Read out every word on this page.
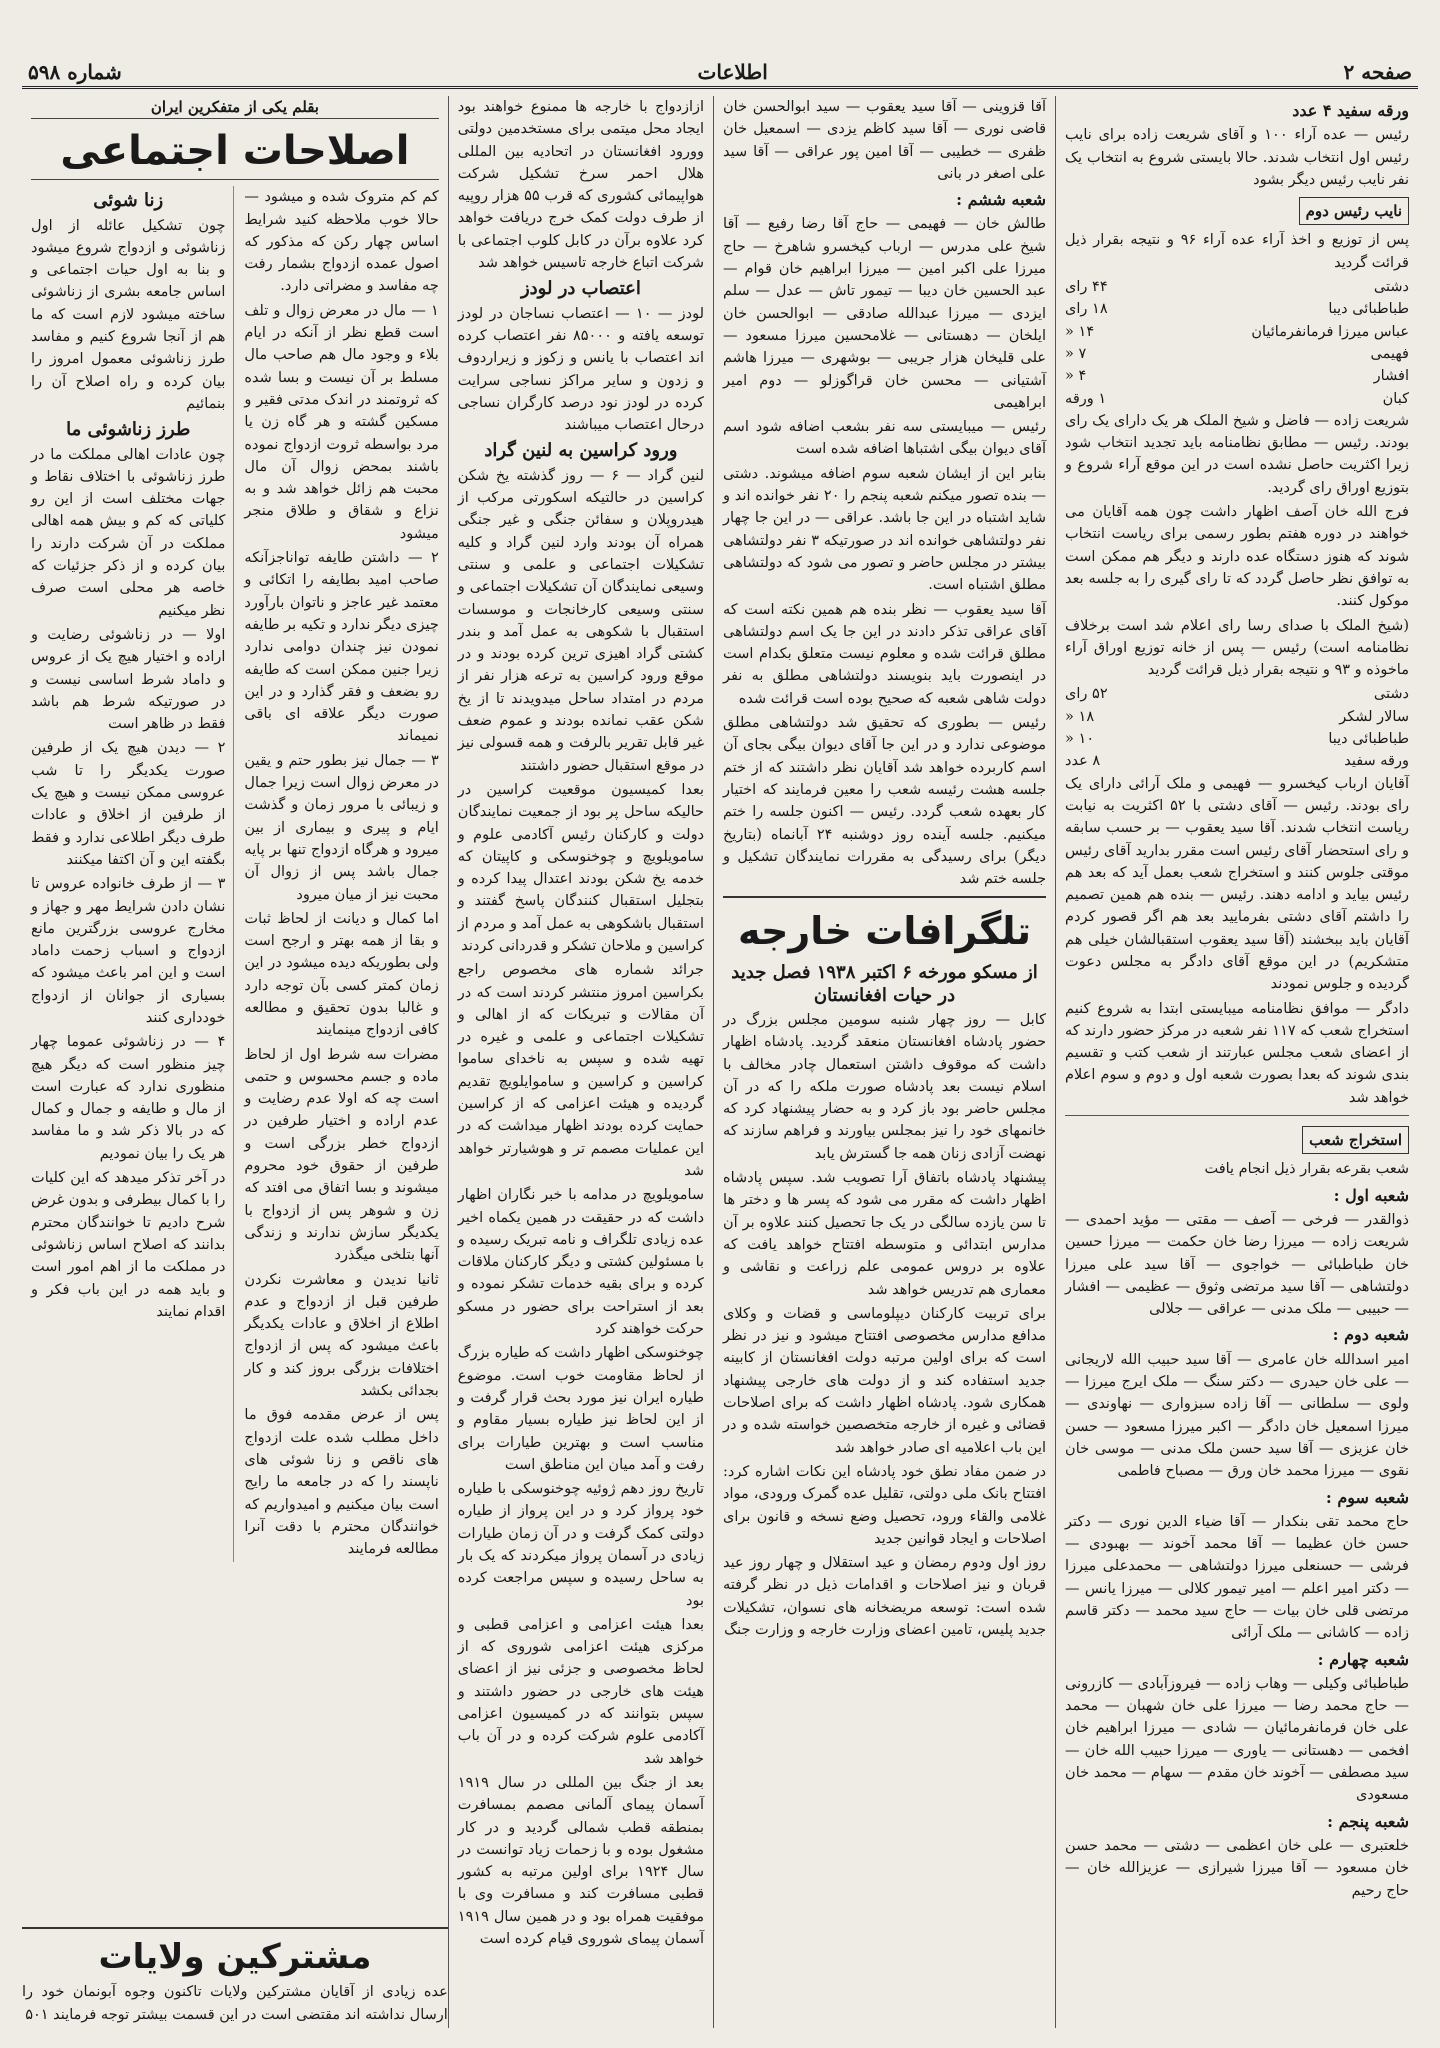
صفحه ۲
اطلاعات
شماره ۵۹۸
ورقه سفید ۴ عدد

رئیس — عده آراء ۱۰۰ و آقای شریعت زاده برای نایب رئیس اول انتخاب شدند. حالا بایستی شروع به انتخاب یک نفر نایب رئیس دیگر بشود

نایب رئیس دوم

پس از توزیع و اخذ آراء عده آراء ۹۶ و نتیجه بقرار ذیل قرائت گردید

دشتی
۴۴ رای
طباطبائی دیبا
۱۸ رای
عباس میرزا فرمانفرمائیان
۱۴ «
فهیمی
۷ «
افشار
۴ «
کبان
۱ ورقه

شریعت زاده — فاضل و شیخ الملک هر یک دارای یک رای بودند. رئیس — مطابق نظامنامه باید تجدید انتخاب شود زیرا اکثریت حاصل نشده است در این موقع آراء شروع و بتوزیع اوراق رای گردید.

فرج الله خان آصف اظهار داشت چون همه آقایان می خواهند در دوره هفتم بطور رسمی برای ریاست انتخاب شوند که هنوز دستگاه عده دارند و دیگر هم ممکن است به توافق نظر حاصل گردد که تا رای گیری را به جلسه بعد موکول کنند.

(شیخ الملک با صدای رسا رای اعلام شد است برخلاف نظامنامه است) رئیس — پس از خانه توزیع اوراق آراء ماخوذه و ۹۳ و نتیجه بقرار ذیل قرائت گردید

دشتی
۵۲ رای
سالار لشکر
۱۸ «
طباطبائی دیبا
۱۰ «
ورقه سفید
۸ عدد

آقایان ارباب کیخسرو — فهیمی و ملک آرائی دارای یک رای بودند. رئیس — آقای دشتی با ۵۲ اکثریت به نیابت ریاست انتخاب شدند. آقا سید یعقوب — بر حسب سابقه و رای استحضار آقای رئیس است مقرر بدارید آقای رئیس موقتی جلوس کنند و استخراج شعب بعمل آید که بعد هم رئیس بیاید و ادامه دهند. رئیس — بنده هم همین تصمیم را داشتم آقای دشتی بفرمایید بعد هم اگر قصور کردم آقایان باید ببخشند (آقا سید یعقوب استقبالشان خیلی هم متشکریم) در این موقع آقای دادگر به مجلس دعوت گردیده و جلوس نمودند

دادگر — موافق نظامنامه میبایستی ابتدا به شروع کنیم استخراج شعب که ۱۱۷ نفر شعبه در مرکز حضور دارند که از اعضای شعب مجلس عبارتند از شعب کتب و تقسیم بندی شوند که بعدا بصورت شعبه اول و دوم و سوم اعلام خواهد شد

استخراج شعب

شعب بقرعه بقرار ذیل انجام یافت

شعبه اول :

ذوالقدر — فرخی — آصف — مقتی — مؤید احمدی — شریعت زاده — میرزا رضا خان حکمت — میرزا حسین خان طباطبائی — خواجوی — آقا سید علی میرزا دولتشاهی — آقا سید مرتضی وثوق — عظیمی — افشار — حبیبی — ملک مدنی — عراقی — جلالی

شعبه دوم :

امیر اسدالله خان عامری — آقا سید حبیب الله لاریجانی — علی خان حیدری — دکتر سنگ — ملک ایرج میرزا — ولوی — سلطانی — آقا زاده سبزواری — نهاوندی — میرزا اسمعیل خان دادگر — اکبر میرزا مسعود — حسن خان عزیزی — آقا سید حسن ملک مدنی — موسی خان نقوی — میرزا محمد خان ورق — مصباح فاطمی

شعبه سوم :

حاج محمد تقی بنکدار — آقا ضیاء الدین نوری — دکتر حسن خان عظیما — آقا محمد آخوند — بهبودی — فرشی — حسنعلی میرزا دولتشاهی — محمدعلی میرزا — دکتر امیر اعلم — امیر تیمور کلالی — میرزا یانس — مرتضی قلی خان بیات — حاج سید محمد — دکتر قاسم زاده — کاشانی — ملک آرائی

شعبه چهارم :

طباطبائی وکیلی — وهاب زاده — فیروزآبادی — کازرونی — حاج محمد رضا — میرزا علی خان شهبان — محمد علی خان فرمانفرمائیان — شادی — میرزا ابراهیم خان افخمی — دهستانی — یاوری — میرزا حبیب الله خان — سید مصطفی — آخوند خان مقدم — سهام — محمد خان مسعودی

شعبه پنجم :

خلعتبری — علی خان اعظمی — دشتی — محمد حسن خان مسعود — آقا میرزا شیرازی — عزیزالله خان — حاج رحیم

آقا قزوینی — آقا سید یعقوب — سید ابوالحسن خان قاضی نوری — آقا سید کاظم یزدی — اسمعیل خان ظفری — خطیبی — آقا امین پور عراقی — آقا سید علی اصغر در بانی

شعبه ششم :

طالش خان — فهیمی — حاج آقا رضا رفیع — آقا شیخ علی مدرس — ارباب کیخسرو شاهرخ — حاج میرزا علی اکبر امین — میرزا ابراهیم خان قوام — عبد الحسین خان دیبا — تیمور تاش — عدل — سلم ایزدی — میرزا عبدالله صادقی — ابوالحسن خان ایلخان — دهستانی — غلامحسین میرزا مسعود — علی قلیخان هزار جریبی — بوشهری — میرزا هاشم آشتیانی — محسن خان قراگوزلو — دوم امیر ابراهیمی

رئیس — میبایستی سه نفر بشعب اضافه شود اسم آقای دیوان بیگی اشتباها اضافه شده است

بنابر این از ایشان شعبه سوم اضافه میشوند. دشتی — بنده تصور میکنم شعبه پنجم را ۲۰ نفر خوانده اند و شاید اشتباه در این جا باشد. عراقی — در این جا چهار نفر دولتشاهی خوانده اند در صورتیکه ۳ نفر دولتشاهی بیشتر در مجلس حاضر و تصور می شود که دولتشاهی مطلق اشتباه است.

آقا سید یعقوب — نظر بنده هم همین نکته است که آقای عراقی تذکر دادند در این جا یک اسم دولتشاهی مطلق قرائت شده و معلوم نیست متعلق بکدام است در اینصورت باید بنویسند دولتشاهی مطلق به نفر دولت شاهی شعبه که صحیح بوده است قرائت شده

رئیس — بطوری که تحقیق شد دولتشاهی مطلق موضوعی ندارد و در این جا آقای دیوان بیگی بجای آن اسم کاربرده خواهد شد آقایان نظر داشتند که از ختم جلسه هشت رئیسه شعب را معین فرمایند که اختیار کار بعهده شعب گردد. رئیس — اکنون جلسه را ختم میکنیم. جلسه آینده روز دوشنبه ۲۴ آبانماه (بتاریخ دیگر) برای رسیدگی به مقررات نمایندگان تشکیل و جلسه ختم شد

تلگرافات خارجه
از مسکو مورخه ۶ اکتبر ۱۹۳۸ فصل جدید در حیات افغانستان

کابل — روز چهار شنبه سومین مجلس بزرگ در حضور پادشاه افغانستان منعقد گردید. پادشاه اظهار داشت که موقوف داشتن استعمال چادر مخالف با اسلام نیست بعد پادشاه صورت ملکه را که در آن مجلس حاضر بود باز کرد و به حضار پیشنهاد کرد که خانمهای خود را نیز بمجلس بیاورند و فراهم سازند که نهضت آزادی زنان همه جا گسترش یابد

پیشنهاد پادشاه باتفاق آرا تصویب شد. سپس پادشاه اظهار داشت که مقرر می شود که پسر ها و دختر ها تا سن یازده سالگی در یک جا تحصیل کنند علاوه بر آن مدارس ابتدائی و متوسطه افتتاح خواهد یافت که علاوه بر دروس عمومی علم زراعت و نقاشی و معماری هم تدریس خواهد شد

برای تربیت کارکنان دیپلوماسی و قضات و وکلای مدافع مدارس مخصوصی افتتاح میشود و نیز در نظر است که برای اولین مرتبه دولت افغانستان از کابینه جدید استفاده کند و از دولت های خارجی پیشنهاد همکاری شود. پادشاه اظهار داشت که برای اصلاحات قضائی و غیره از خارجه متخصصین خواسته شده و در این باب اعلامیه ای صادر خواهد شد

در ضمن مفاد نطق خود پادشاه این نکات اشاره کرد: افتتاح بانک ملی دولتی، تقلیل عده گمرک ورودی، مواد غلامی والقاء ورود، تحصیل وضع نسخه و قانون برای اصلاحات و ایجاد قوانین جدید

روز اول ودوم رمضان و عید استقلال و چهار روز عید قربان و نیز اصلاحات و اقدامات ذیل در نظر گرفته شده است: توسعه مریضخانه های نسوان، تشکیلات جدید پلیس، تامین اعضای وزارت خارجه و وزارت جنگ

ازازدواج با خارجه ها ممنوع خواهند بود ایجاد محل میتمی برای مستخدمین دولتی وورود افغانستان در اتحادیه بین المللی هلال احمر سرخ تشکیل شرکت هواپیمائی کشوری که قرب ۵۵ هزار روپیه از طرف دولت کمک خرج دریافت خواهد کرد علاوه برآن در کابل کلوب اجتماعی با شرکت اتباع خارجه تاسیس خواهد شد

اعتصاب در لودز

لودز — ۱۰ — اعتصاب نساجان در لودز توسعه یافته و ۸۵۰۰۰ نفر اعتصاب کرده اند اعتصاب با یانس و زکوز و زیراردوف و زدون و سایر مراکز نساجی سرایت کرده در لودز نود درصد کارگران نساجی درحال اعتصاب میباشند

ورود کراسین به لنین گراد

لنین گراد — ۶ — روز گذشته یخ شکن کراسین در حالتیکه اسکورتی مرکب از هیدروپلان و سفائن جنگی و غیر جنگی همراه آن بودند وارد لنین گراد و کلیه تشکیلات اجتماعی و علمی و سنتی وسیعی نمایندگان آن تشکیلات اجتماعی و سنتی وسیعی کارخانجات و موسسات استقبال با شکوهی به عمل آمد و بندر کشتی گراد اهیزی ترین کرده بودند و در موقع ورود کراسین به ترعه هزار نفر از مردم در امتداد ساحل میدویدند تا از یخ شکن عقب نمانده بودند و عموم ضعف غیر قابل تقریر بالرفت و همه قسولی نیز در موقع استقبال حضور داشتند

بعدا کمیسیون موقعیت کراسین در حالیکه ساحل پر بود از جمعیت نمایندگان دولت و کارکنان رئیس آکادمی علوم و سامویلویچ و چوخنوسکی و کاپیتان که خدمه یخ شکن بودند اعتدال پیدا کرده و بتجلیل استقبال کنندگان پاسخ گفتند و استقبال باشکوهی به عمل آمد و مردم از کراسین و ملاحان تشکر و قدردانی کردند

جرائد شماره های مخصوص راجع بکراسین امروز منتشر کردند است که در آن مقالات و تبریکات که از اهالی و تشکیلات اجتماعی و علمی و غیره در تهیه شده و سپس به ناخدای ساموا کراسین و کراسین و ساموایلویچ تقدیم گردیده و هیئت اعزامی که از کراسین حمایت کرده بودند اظهار میداشت که در این عملیات مصمم تر و هوشیارتر خواهد شد

سامویلویچ در مدامه با خبر نگاران اظهار داشت که در حقیقت در همین یکماه اخیر عده زیادی تلگراف و نامه تبریک رسیده و با مسئولین کشتی و دیگر کارکنان ملاقات کرده و برای بقیه خدمات تشکر نموده و بعد از استراحت برای حضور در مسکو حرکت خواهند کرد

چوخنوسکی اظهار داشت که طیاره بزرگ از لحاظ مقاومت خوب است. موضوع طیاره ایران نیز مورد بحث قرار گرفت و از این لحاظ نیز طیاره بسیار مقاوم و مناسب است و بهترین طیارات برای رفت و آمد میان این مناطق است

تاریخ روز دهم ژوئیه چوخنوسکی با طیاره خود پرواز کرد و در این پرواز از طیاره دولتی کمک گرفت و در آن زمان طیارات زیادی در آسمان پرواز میکردند که یک بار به ساحل رسیده و سپس مراجعت کرده بود

بعدا هیئت اعزامی و اعزامی قطبی و مرکزی هیئت اعزامی شوروی که از لحاظ مخصوصی و جزئی نیز از اعضای هیئت های خارجی در حضور داشتند و سپس بتوانند که در کمیسیون اعزامی آکادمی علوم شرکت کرده و در آن باب خواهد شد

بعد از جنگ بین المللی در سال ۱۹۱۹ آسمان پیمای آلمانی مصمم بمسافرت بمنطقه قطب شمالی گردید و در کار مشغول بوده و با زحمات زیاد توانست در سال ۱۹۲۴ برای اولین مرتبه به کشور قطبی مسافرت کند و مسافرت وی با موفقیت همراه بود و در همین سال ۱۹۱۹ آسمان پیمای شوروی قیام کرده است

بقلم یکی از متفکرین ایران
اصلاحات اجتماعی

کم کم متروک شده و میشود — حالا خوب ملاحظه کنید شرایط اساس چهار رکن که مذکور که اصول عمده ازدواج بشمار رفت چه مفاسد و مضراتی دارد.

۱ — مال در معرض زوال و تلف است قطع نظر از آنکه در ایام بلاء و وجود مال هم صاحب مال مسلط بر آن نیست و بسا شده که ثروتمند در اندک مدتی فقیر و مسکین گشته و هر گاه زن یا مرد بواسطه ثروت ازدواج نموده باشند بمحض زوال آن مال محبت هم زائل خواهد شد و به نزاع و شقاق و طلاق منجر میشود

۲ — داشتن طایفه تواناجزآنکه صاحب امید بطایفه را اتکائی و معتمد غیر عاجز و ناتوان بارآورد چیزی دیگر ندارد و تکیه بر طایفه نمودن نیز چندان دوامی ندارد زیرا جنین ممکن است که طایفه رو بضعف و فقر گذارد و در این صورت دیگر علاقه ای باقی نمیماند

۳ — جمال نیز بطور حتم و یقین در معرض زوال است زیرا جمال و زیبائی با مرور زمان و گذشت ایام و پیری و بیماری از بین میرود و هرگاه ازدواج تنها بر پایه جمال باشد پس از زوال آن محبت نیز از میان میرود

اما کمال و دیانت از لحاظ ثبات و بقا از همه بهتر و ارجح است ولی بطوریکه دیده میشود در این زمان کمتر کسی بآن توجه دارد و غالبا بدون تحقیق و مطالعه کافی ازدواج مینمایند

مضرات سه شرط اول از لحاظ ماده و جسم محسوس و حتمی است چه که اولا عدم رضایت و عدم اراده و اختیار طرفین در ازدواج خطر بزرگی است و طرفین از حقوق خود محروم میشوند و بسا اتفاق می افتد که زن و شوهر پس از ازدواج با یکدیگر سازش ندارند و زندگی آنها بتلخی میگذرد

ثانیا ندیدن و معاشرت نکردن طرفین قبل از ازدواج و عدم اطلاع از اخلاق و عادات یکدیگر باعث میشود که پس از ازدواج اختلافات بزرگی بروز کند و کار بجدائی بکشد

پس از عرض مقدمه فوق ما داخل مطلب شده علت ازدواج های ناقص و زنا شوئی های ناپسند را که در جامعه ما رایج است بیان میکنیم و امیدواریم که خوانندگان محترم با دقت آنرا مطالعه فرمایند

زنا شوئی

چون تشکیل عائله از اول زناشوئی و ازدواج شروع میشود و بنا به اول حیات اجتماعی و اساس جامعه بشری از زناشوئی ساخته میشود لازم است که ما هم از آنجا شروع کنیم و مفاسد طرز زناشوئی معمول امروز را بیان کرده و راه اصلاح آن را بنمائیم

طرز زناشوئی ما

چون عادات اهالی مملکت ما در طرز زناشوئی با اختلاف نقاط و جهات مختلف است از این رو کلیاتی که کم و بیش همه اهالی مملکت در آن شرکت دارند را بیان کرده و از ذکر جزئیات که خاصه هر محلی است صرف نظر میکنیم

اولا — در زناشوئی رضایت و اراده و اختیار هیچ یک از عروس و داماد شرط اساسی نیست و در صورتیکه شرط هم باشد فقط در ظاهر است

۲ — دیدن هیچ یک از طرفین صورت یکدیگر را تا شب عروسی ممکن نیست و هیچ یک از طرفین از اخلاق و عادات طرف دیگر اطلاعی ندارد و فقط بگفته این و آن اکتفا میکنند

۳ — از طرف خانواده عروس تا نشان دادن شرایط مهر و جهاز و مخارج عروسی بزرگترین مانع ازدواج و اسباب زحمت داماد است و این امر باعث میشود که بسیاری از جوانان از ازدواج خودداری کنند

۴ — در زناشوئی عموما چهار چیز منظور است که دیگر هیچ منظوری ندارد که عبارت است از مال و طایفه و جمال و کمال که در بالا ذکر شد و ما مفاسد هر یک را بیان نمودیم

در آخر تذکر میدهد که این کلیات را با کمال بیطرفی و بدون غرض شرح دادیم تا خوانندگان محترم بدانند که اصلاح اساس زناشوئی در مملکت ما از اهم امور است و باید همه در این باب فکر و اقدام نمایند

مشترکین ولایات

عده زیادی از آقایان مشترکین ولایات تاکنون وجوه آبونمان خود را ارسال نداشته اند مقتضی است در این قسمت بیشتر توجه فرمایند ۵۰۱
